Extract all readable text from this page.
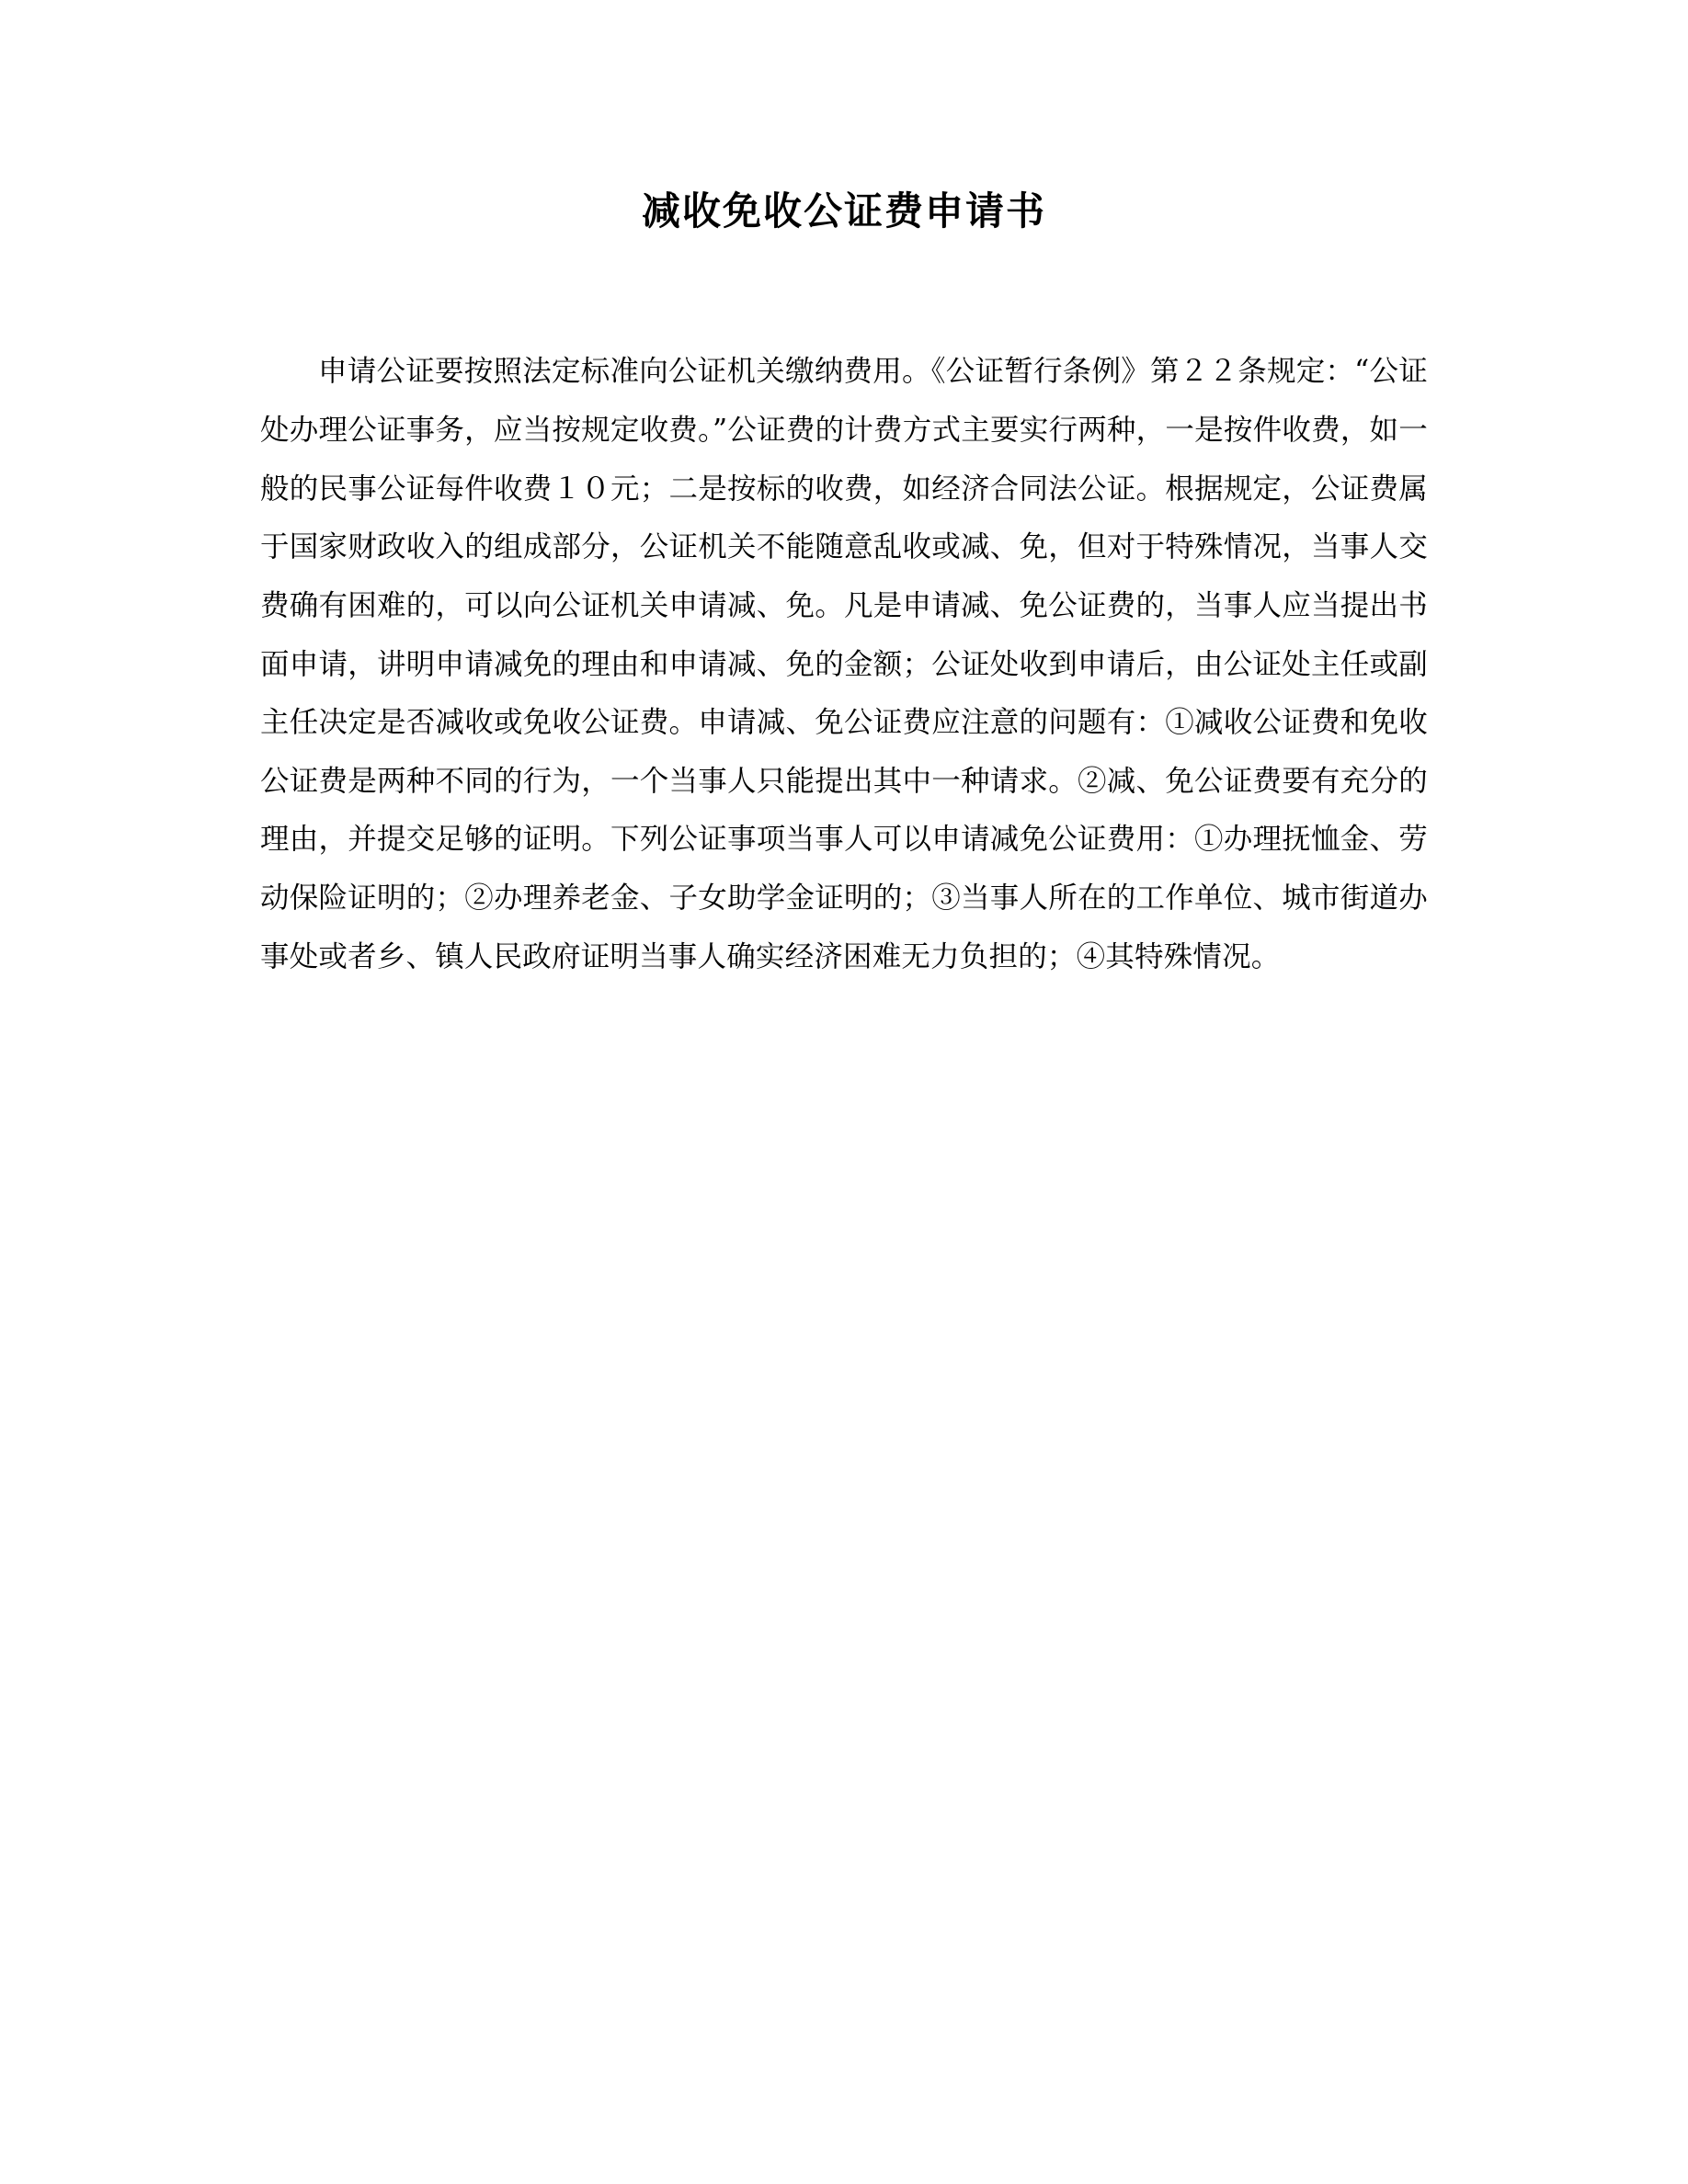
减收免收公证费申请书

申请公证要按照法定标准向公证机关缴纳费用。《公证暂行条例》第２２条规定：“公证处办理公证事务，应当按规定收费。”公证费的计费方式主要实行两种，一是按件收费，如一般的民事公证每件收费１０元；二是按标的收费，如经济合同法公证。根据规定，公证费属于国家财政收入的组成部分，公证机关不能随意乱收或减、免，但对于特殊情况，当事人交费确有困难的，可以向公证机关申请减、免。凡是申请减、免公证费的，当事人应当提出书面申请，讲明申请减免的理由和申请减、免的金额；公证处收到申请后，由公证处主任或副主任决定是否减收或免收公证费。申请减、免公证费应注意的问题有：①减收公证费和免收公证费是两种不同的行为，一个当事人只能提出其中一种请求。②减、免公证费要有充分的理由，并提交足够的证明。下列公证事项当事人可以申请减免公证费用：①办理抚恤金、劳动保险证明的；②办理养老金、子女助学金证明的；③当事人所在的工作单位、城市街道办事处或者乡、镇人民政府证明当事人确实经济困难无力负担的；④其特殊情况。
